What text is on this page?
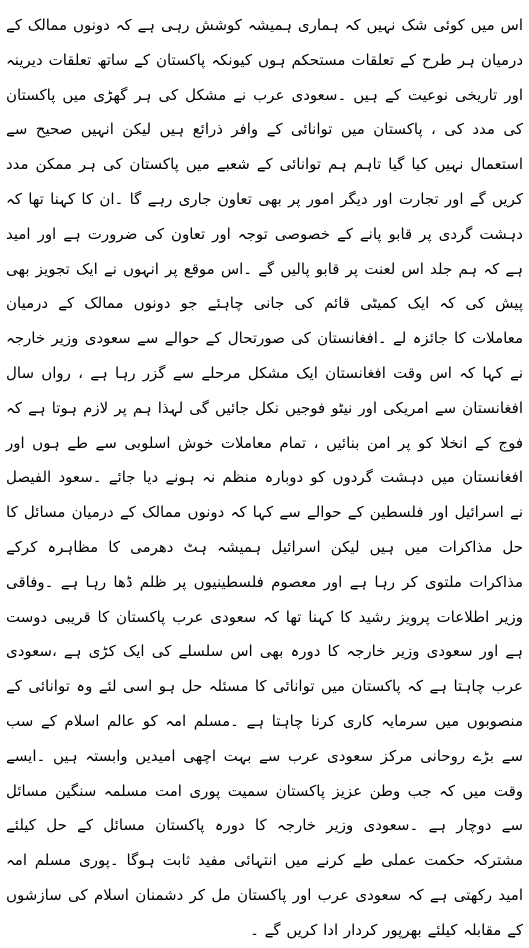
اس میں کوئی شک نہیں کہ ہماری ہمیشہ کوشش رہی ہے کہ دونوں ممالک کے درمیان ہر طرح کے تعلقات مستحکم ہوں کیونکہ پاکستان کے ساتھ تعلقات دیرینہ اور تاریخی نوعیت کے ہیں ۔سعودی عرب نے مشکل کی ہر گھڑی میں پاکستان کی مدد کی ، پاکستان میں توانائی کے وافر ذرائع ہیں لیکن انہیں صحیح سے استعمال نہیں کیا گیا تاہم ہم توانائی کے شعبے میں پاکستان کی ہر ممکن مدد کریں گے اور تجارت اور دیگر امور پر بھی تعاون جاری رہے گا ۔ان کا کہنا تھا کہ دہشت گردی پر قابو پانے کے خصوصی توجہ اور تعاون کی ضرورت ہے اور امید ہے کہ ہم جلد اس لعنت پر قابو پالیں گے ۔اس موقع پر انہوں نے ایک تجویز بھی پیش کی کہ ایک کمیٹی قائم کی جانی چاہئے جو دونوں ممالک کے درمیان معاملات کا جائزہ لے ۔افغانستان کی صورتحال کے حوالے سے سعودی وزیر خارجہ نے کہا کہ اس وقت افغانستان ایک مشکل مرحلے سے گزر رہا ہے ، رواں سال افغانستان سے امریکی اور نیٹو فوجیں نکل جائیں گی لہذا ہم پر لازم ہوتا ہے کہ فوج کے انخلا کو پر امن بنائیں ، تمام معاملات خوش اسلوبی سے طے ہوں اور افغانستان میں دہشت گردوں کو دوبارہ منظم نہ ہونے دیا جائے ۔سعود الفیصل نے اسرائیل اور فلسطین کے حوالے سے کہا کہ دونوں ممالک کے درمیان مسائل کا حل مذاکرات میں ہیں لیکن اسرائیل ہمیشہ ہٹ دھرمی کا مظاہرہ کرکے مذاکرات ملتوی کر رہا ہے اور معصوم فلسطینیوں پر ظلم ڈھا رہا ہے ۔وفاقی وزیر اطلاعات پرویز رشید کا کہنا تھا کہ سعودی عرب پاکستان کا قریبی دوست ہے اور سعودی وزیر خارجہ کا دورہ بھی اس سلسلے کی ایک کڑی ہے ،سعودی عرب چاہتا ہے کہ پاکستان میں توانائی کا مسئلہ حل ہو اسی لئے وہ توانائی کے منصوبوں میں سرمایہ کاری کرنا چاہتا ہے ۔مسلم امہ کو عالم اسلام کے سب سے بڑے روحانی مرکز سعودی عرب سے بہت اچھی امیدیں وابستہ ہیں ۔ایسے وقت میں کہ جب وطن عزیز پاکستان سمیت پوری امت مسلمہ سنگین مسائل سے دوچار ہے ۔سعودی وزیر خارجہ کا دورہ پاکستان مسائل کے حل کیلئے مشترکہ حکمت عملی طے کرنے میں انتہائی مفید ثابت ہوگا ۔پوری مسلم امہ امید رکھتی ہے کہ سعودی عرب اور پاکستان مل کر دشمنان اسلام کی سازشوں کے مقابلہ کیلئے بھرپور کردار ادا کریں گے ۔
